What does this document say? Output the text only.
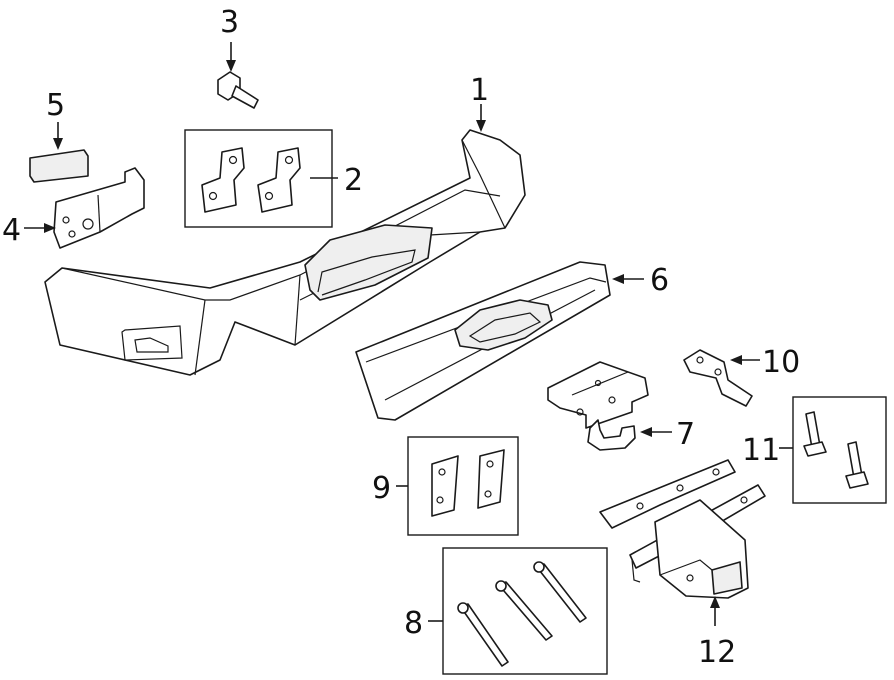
1
2
3
4
5
6
7
8
9
10
11
12
